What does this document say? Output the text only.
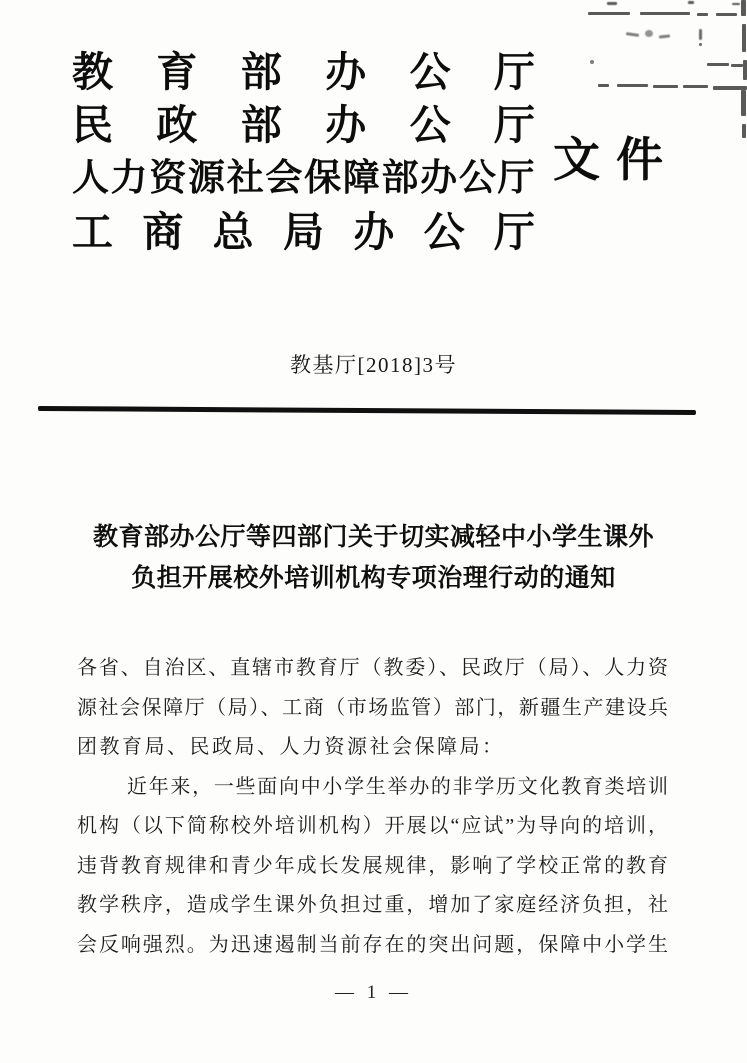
教育部办公厅
民政部办公厅
人力资源社会保障部办公厅
工商总局办公厅
文件
教基厅[2018]3号
教育部办公厅等四部门关于切实减轻中小学生课外
负担开展校外培训机构专项治理行动的通知
各省、自治区、直辖市教育厅（教委）、民政厅（局）、人力资
源社会保障厅（局）、工商（市场监管）部门，新疆生产建设兵
团教育局、民政局、人力资源社会保障局：
近年来，一些面向中小学生举办的非学历文化教育类培训
机构（以下简称校外培训机构）开展以“应试”为导向的培训，
违背教育规律和青少年成长发展规律，影响了学校正常的教育
教学秩序，造成学生课外负担过重，增加了家庭经济负担，社
会反响强烈。为迅速遏制当前存在的突出问题，保障中小学生
— 1 —
